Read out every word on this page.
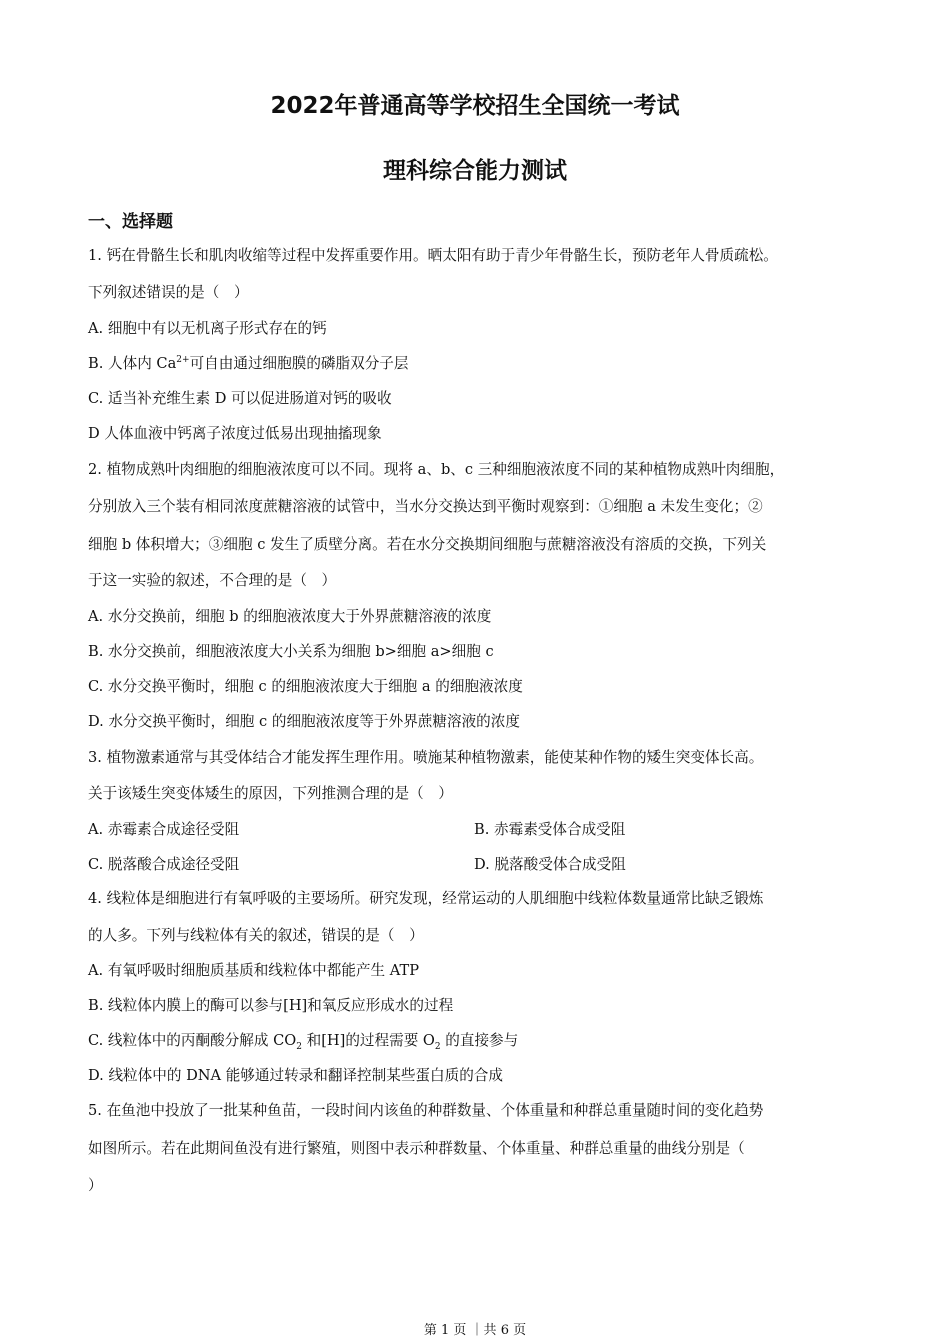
2022年普通高等学校招生全国统一考试
理科综合能力测试
一、选择题
1. 钙在骨骼生长和肌肉收缩等过程中发挥重要作用。晒太阳有助于青少年骨骼生长，预防老年人骨质疏松。
下列叙述错误的是（　）
A. 细胞中有以无机离子形式存在的钙
B. 人体内 $Ca^{2+}$可自由通过细胞膜的磷脂双分子层
C. 适当补充维生素 D 可以促进肠道对钙的吸收
D 人体血液中钙离子浓度过低易出现抽搐现象
2. 植物成熟叶肉细胞的细胞液浓度可以不同。现将 a、b、c 三种细胞液浓度不同的某种植物成熟叶肉细胞，
分别放入三个装有相同浓度蔗糖溶液的试管中，当水分交换达到平衡时观察到：①细胞 a 未发生变化；②
细胞 b 体积增大；③细胞 c 发生了质壁分离。若在水分交换期间细胞与蔗糖溶液没有溶质的交换，下列关
于这一实验的叙述，不合理的是（　）
A. 水分交换前，细胞 b 的细胞液浓度大于外界蔗糖溶液的浓度
B. 水分交换前，细胞液浓度大小关系为细胞 b>细胞 a>细胞 c
C. 水分交换平衡时，细胞 c 的细胞液浓度大于细胞 a 的细胞液浓度
D. 水分交换平衡时，细胞 c 的细胞液浓度等于外界蔗糖溶液的浓度
3. 植物激素通常与其受体结合才能发挥生理作用。喷施某种植物激素，能使某种作物的矮生突变体长高。
关于该矮生突变体矮生的原因，下列推测合理的是（　）
A. 赤霉素合成途径受阻	B. 赤霉素受体合成受阻
C. 脱落酸合成途径受阻	D. 脱落酸受体合成受阻
4. 线粒体是细胞进行有氧呼吸的主要场所。研究发现，经常运动的人肌细胞中线粒体数量通常比缺乏锻炼
的人多。下列与线粒体有关的叙述，错误的是（　）
A. 有氧呼吸时细胞质基质和线粒体中都能产生 ATP
B. 线粒体内膜上的酶可以参与[H]和氧反应形成水的过程
C. 线粒体中的丙酮酸分解成 $CO_2$ 和[H]的过程需要 $O_2$ 的直接参与
D. 线粒体中的 DNA 能够通过转录和翻译控制某些蛋白质的合成
5. 在鱼池中投放了一批某种鱼苗，一段时间内该鱼的种群数量、个体重量和种群总重量随时间的变化趋势
如图所示。若在此期间鱼没有进行繁殖，则图中表示种群数量、个体重量、种群总重量的曲线分别是（
）
第 1 页 ｜共 6 页
